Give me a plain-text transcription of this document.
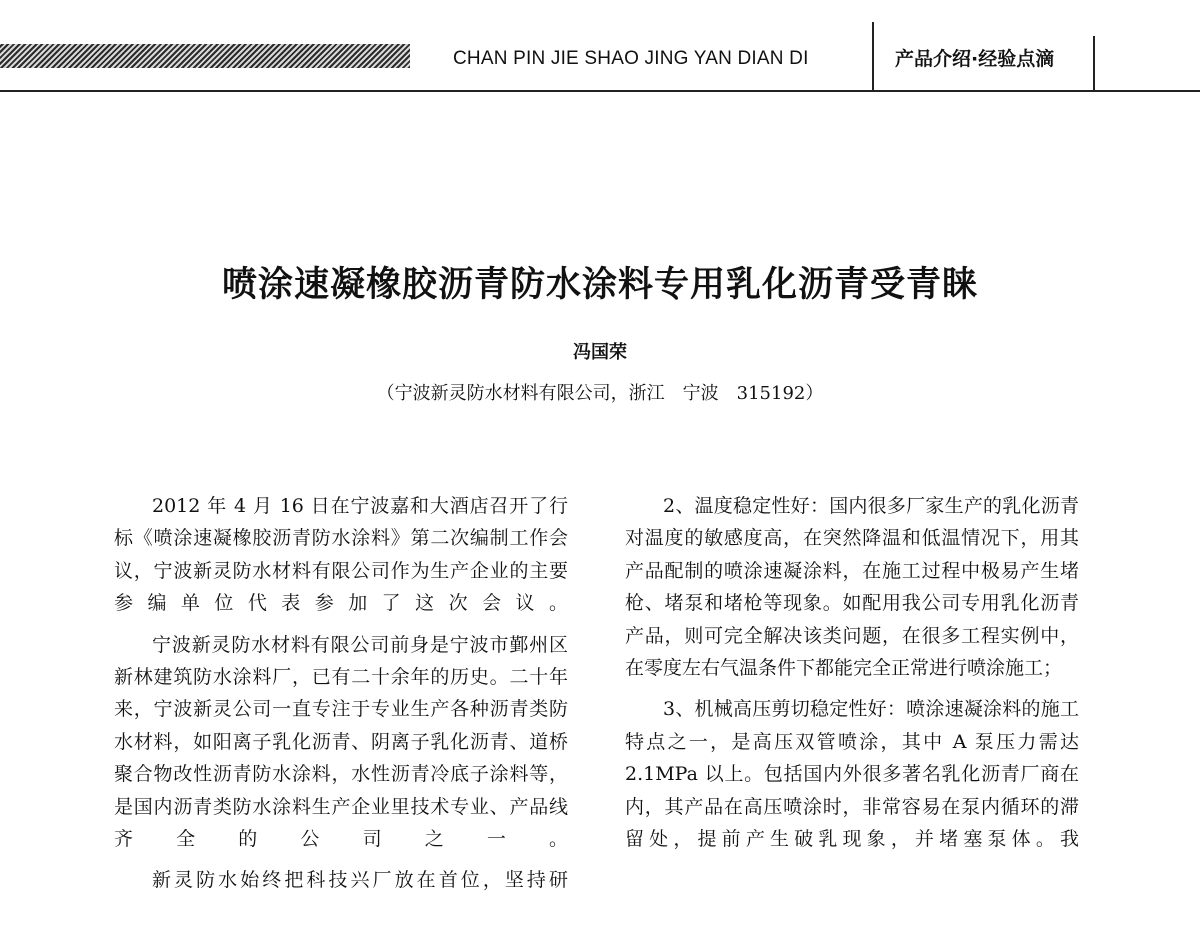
CHAN PIN JIE SHAO JING YAN DIAN DI	产品介绍·经验点滴
喷涂速凝橡胶沥青防水涂料专用乳化沥青受青睐
冯国荣
（宁波新灵防水材料有限公司，浙江　宁波　315192）

2012 年 4 月 16 日在宁波嘉和大酒店召开了行标《喷涂速凝橡胶沥青防水涂料》第二次编制工作会议，宁波新灵防水材料有限公司作为生产企业的主要参编单位代表参加了这次会议。

宁波新灵防水材料有限公司前身是宁波市鄞州区新林建筑防水涂料厂，已有二十余年的历史。二十年来，宁波新灵公司一直专注于专业生产各种沥青类防水材料，如阳离子乳化沥青、阴离子乳化沥青、道桥聚合物改性沥青防水涂料，水性沥青冷底子涂料等，是国内沥青类防水涂料生产企业里技术专业、产品线齐全的公司之一。

新灵防水始终把科技兴厂放在首位，坚持研

2、温度稳定性好：国内很多厂家生产的乳化沥青对温度的敏感度高，在突然降温和低温情况下，用其产品配制的喷涂速凝涂料，在施工过程中极易产生堵枪、堵泵和堵枪等现象。如配用我公司专用乳化沥青产品，则可完全解决该类问题，在很多工程实例中，在零度左右气温条件下都能完全正常进行喷涂施工；

3、机械高压剪切稳定性好：喷涂速凝涂料的施工特点之一，是高压双管喷涂，其中 A 泵压力需达 2.1MPa 以上。包括国内外很多著名乳化沥青厂商在内，其产品在高压喷涂时，非常容易在泵内循环的滞留处，提前产生破乳现象，并堵塞泵体。我
